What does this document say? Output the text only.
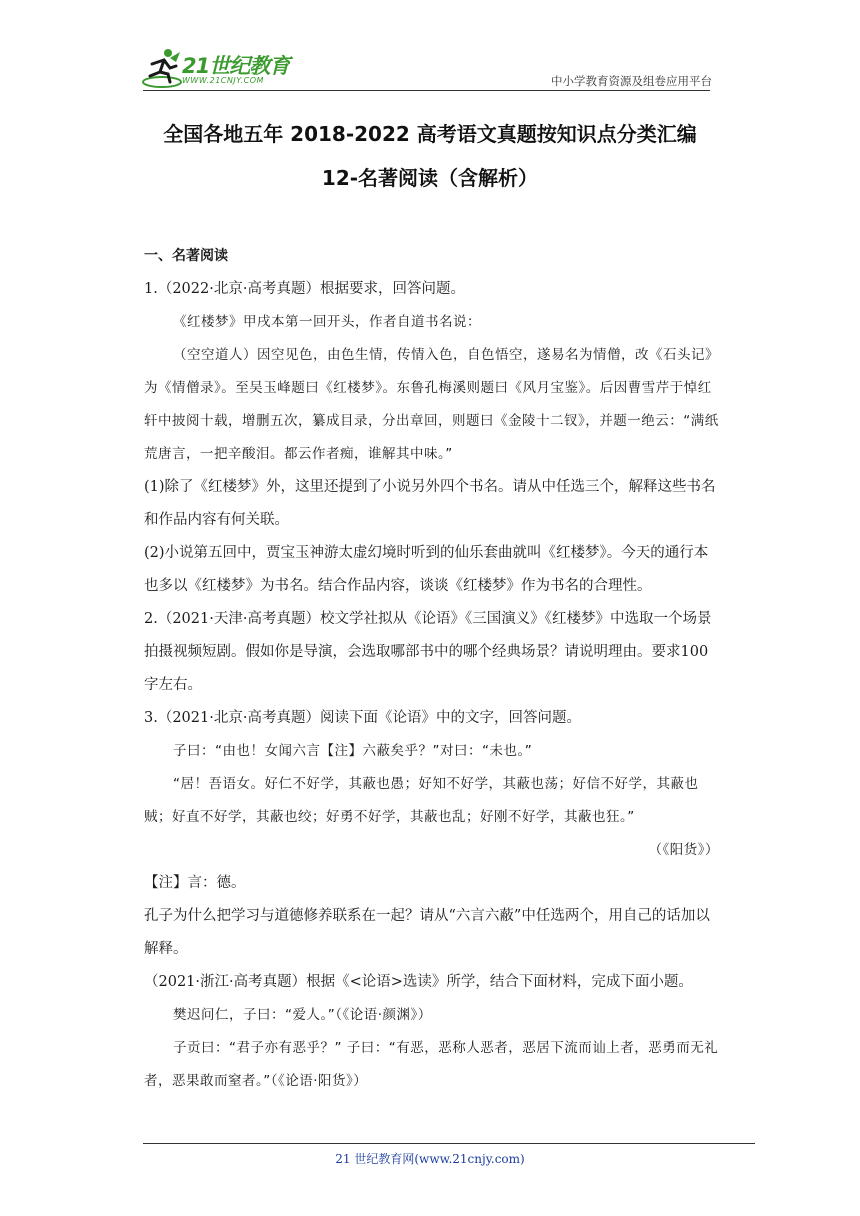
21世纪教育
WWW.21CNJY.COM	中小学教育资源及组卷应用平台
全国各地五年 2018-2022 高考语文真题按知识点分类汇编
12-名著阅读（含解析）

一、名著阅读

1.（2022·北京·高考真题）根据要求，回答问题。

《红楼梦》甲戌本第一回开头，作者自道书名说：

（空空道人）因空见色，由色生情，传情入色，自色悟空，遂易名为情僧，改《石头记》为《情僧录》。至吴玉峰题曰《红楼梦》。东鲁孔梅溪则题曰《风月宝鉴》。后因曹雪芹于悼红轩中披阅十载，增删五次，纂成目录，分出章回，则题曰《金陵十二钗》，并题一绝云：“满纸荒唐言，一把辛酸泪。都云作者痴，谁解其中味。”

(1)除了《红楼梦》外，这里还提到了小说另外四个书名。请从中任选三个，解释这些书名和作品内容有何关联。

(2)小说第五回中，贾宝玉神游太虚幻境时听到的仙乐套曲就叫《红楼梦》。今天的通行本也多以《红楼梦》为书名。结合作品内容，谈谈《红楼梦》作为书名的合理性。

2.（2021·天津·高考真题）校文学社拟从《论语》《三国演义》《红楼梦》中选取一个场景拍摄视频短剧。假如你是导演，会选取哪部书中的哪个经典场景？请说明理由。要求100 字左右。

3.（2021·北京·高考真题）阅读下面《论语》中的文字，回答问题。

子曰：“由也！女闻六言【注】六蔽矣乎？”对曰：“未也。”

“居！吾语女。好仁不好学，其蔽也愚；好知不好学，其蔽也荡；好信不好学，其蔽也贼；好直不好学，其蔽也绞；好勇不好学，其蔽也乱；好刚不好学，其蔽也狂。”

（《阳货》）

【注】言：德。

孔子为什么把学习与道德修养联系在一起？请从“六言六蔽”中任选两个，用自己的话加以解释。

（2021·浙江·高考真题）根据《<论语>选读》所学，结合下面材料，完成下面小题。

樊迟问仁，子曰：“爱人。”（《论语·颜渊》）

子贡曰：“君子亦有恶乎？” 子曰：“有恶，恶称人恶者，恶居下流而讪上者，恶勇而无礼者，恶果敢而窒者。”（《论语·阳货》）

21 世纪教育网(www.21cnjy.com)
